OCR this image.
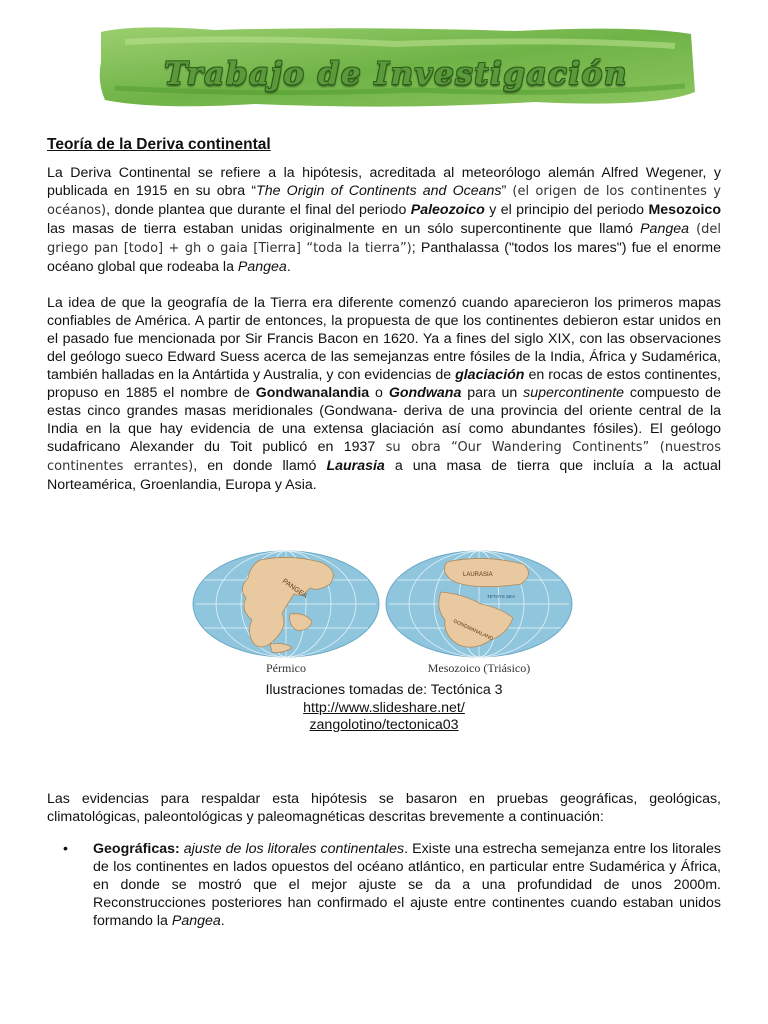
Trabajo de Investigación
Teoría de la Deriva continental

La Deriva Continental se refiere a la hipótesis, acreditada al meteorólogo alemán Alfred Wegener, y publicada en 1915 en su obra “The Origin of Continents and Oceans” (el origen de los continentes y océanos), donde plantea que durante el final del periodo Paleozoico y el principio del periodo Mesozoico las masas de tierra estaban unidas originalmente en un sólo supercontinente que llamó Pangea (del griego pan [todo] + gh o gaia [Tierra] “toda la tierra”); Panthalassa ("todos los mares") fue el enorme océano global que rodeaba la Pangea.

La idea de que la geografía de la Tierra era diferente comenzó cuando aparecieron los primeros mapas confiables de América. A partir de entonces, la propuesta de que los continentes debieron estar unidos en el pasado fue mencionada por Sir Francis Bacon en 1620. Ya a fines del siglo XIX, con las observaciones del geólogo sueco Edward Suess acerca de las semejanzas entre fósiles de la India, África y Sudamérica, también halladas en la Antártida y Australia, y con evidencias de glaciación en rocas de estos continentes, propuso en 1885 el nombre de Gondwanalandia o Gondwana para un supercontinente compuesto de estas cinco grandes masas meridionales (Gondwana- deriva de una provincia del oriente central de la India en la que hay evidencia de una extensa glaciación así como abundantes fósiles). El geólogo sudafricano Alexander du Toit publicó en 1937 su obra “Our Wandering Continents” (nuestros continentes errantes), en donde llamó Laurasia a una masa de tierra que incluía a la actual Norteamérica, Groenlandia, Europa y Asia.

PANGEA
Pérmico
LAURASIA
TETHYS SEA
GONDWANALAND
Mesozoico (Triásico)
Ilustraciones tomadas de: Tectónica 3
http://www.slideshare.net/
zangolotino/tectonica03
Las evidencias para respaldar esta hipótesis se basaron en pruebas geográficas, geológicas, climatológicas, paleontológicas y paleomagnéticas descritas brevemente a continuación:
• Geográficas: ajuste de los litorales continentales. Existe una estrecha semejanza entre los litorales de los continentes en lados opuestos del océano atlántico, en particular entre Sudamérica y África, en donde se mostró que el mejor ajuste se da a una profundidad de unos 2000m. Reconstrucciones posteriores han confirmado el ajuste entre continentes cuando estaban unidos formando la Pangea.
